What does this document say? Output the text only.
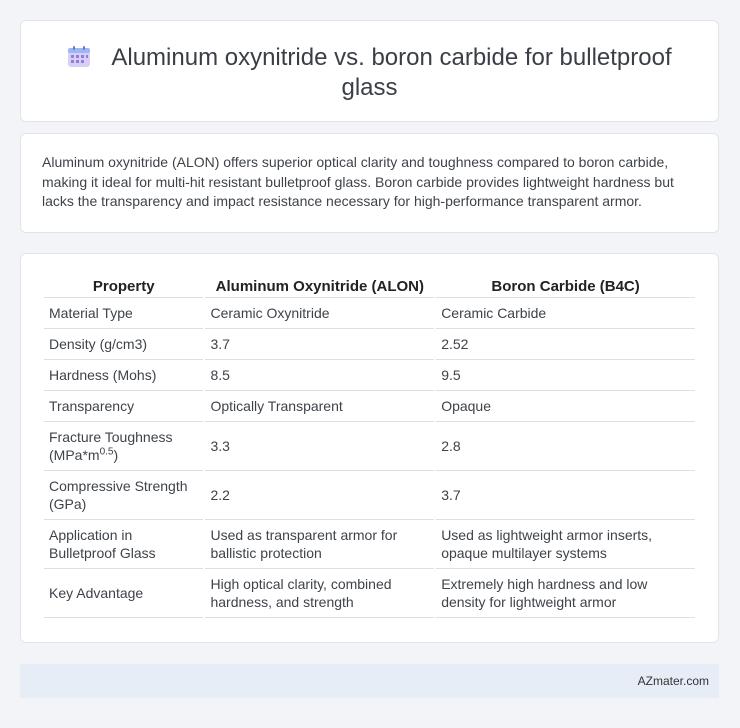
Aluminum oxynitride vs. boron carbide for bulletproof glass

Aluminum oxynitride (ALON) offers superior optical clarity and toughness compared to boron carbide, making it ideal for multi-hit resistant bulletproof glass. Boron carbide provides lightweight hardness but lacks the transparency and impact resistance necessary for high-performance transparent armor.

Property	Aluminum Oxynitride (ALON)	Boron Carbide (B4C)
Material Type	Ceramic Oxynitride	Ceramic Carbide
Density (g/cm3)	3.7	2.52
Hardness (Mohs)	8.5	9.5
Transparency	Optically Transparent	Opaque
Fracture Toughness $(MPa*m^{0.5})$	3.3	2.8
Compressive Strength (GPa)	2.2	3.7
Application in Bulletproof Glass	Used as transparent armor for ballistic protection	Used as lightweight armor inserts, opaque multilayer systems
Key Advantage	High optical clarity, combined hardness, and strength	Extremely high hardness and low density for lightweight armor
AZmater.com
